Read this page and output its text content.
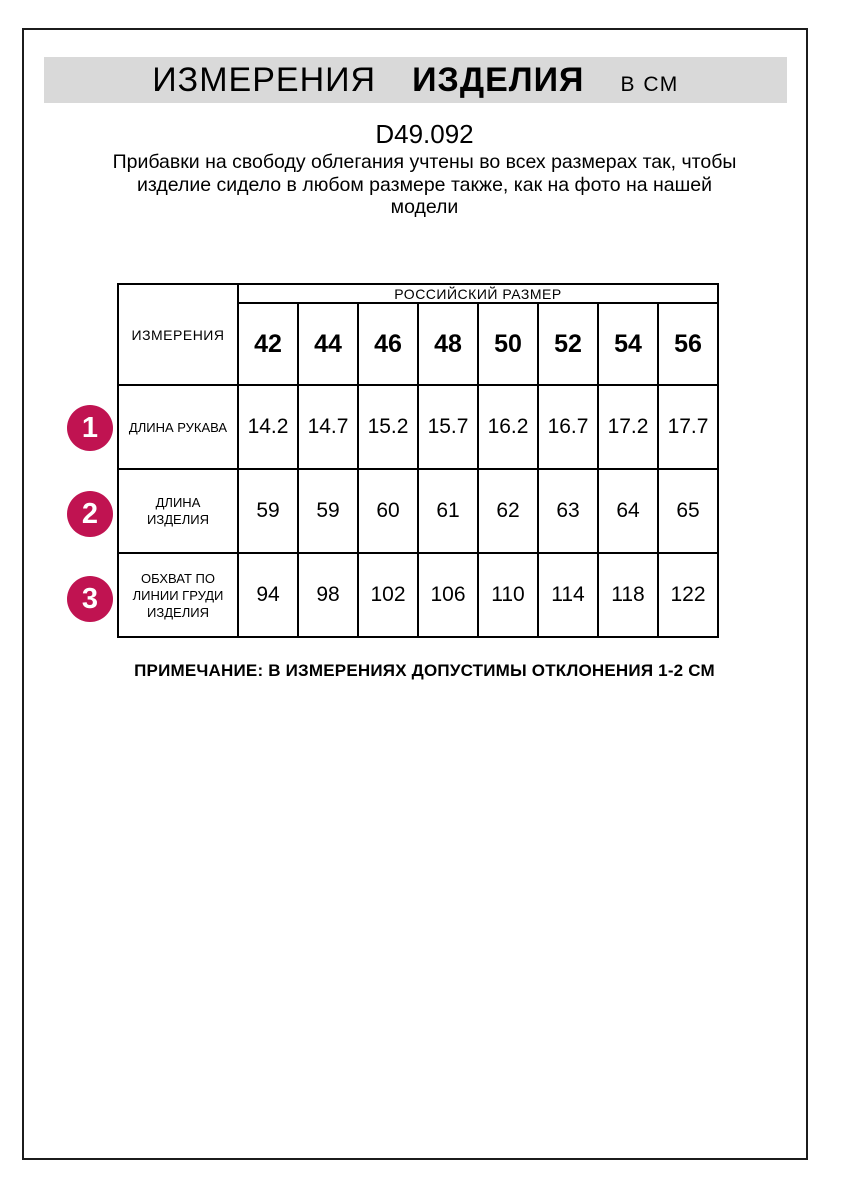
ИЗМЕРЕНИЯ ИЗДЕЛИЯ В СМ
D49.092
Прибавки на свободу облегания учтены во всех размерах так, чтобы
изделие сидело в любом размере также, как на фото на нашей
модели
1
2
3
ИЗМЕРЕНИЯ	РОССИЙСКИЙ РАЗМЕР							
	42	44	46	48	50	52	54	56

ДЛИНА РУКАВА	14.2	14.7	15.2	15.7	16.2	16.7	17.2	17.7

ДЛИНА
ИЗДЕЛИЯ	59	59	60	61	62	63	64	65

ОБХВАТ ПО
ЛИНИИ ГРУДИ
ИЗДЕЛИЯ	94	98	102	106	110	114	118	122
ПРИМЕЧАНИЕ: В ИЗМЕРЕНИЯХ ДОПУСТИМЫ ОТКЛОНЕНИЯ 1-2 СМ
